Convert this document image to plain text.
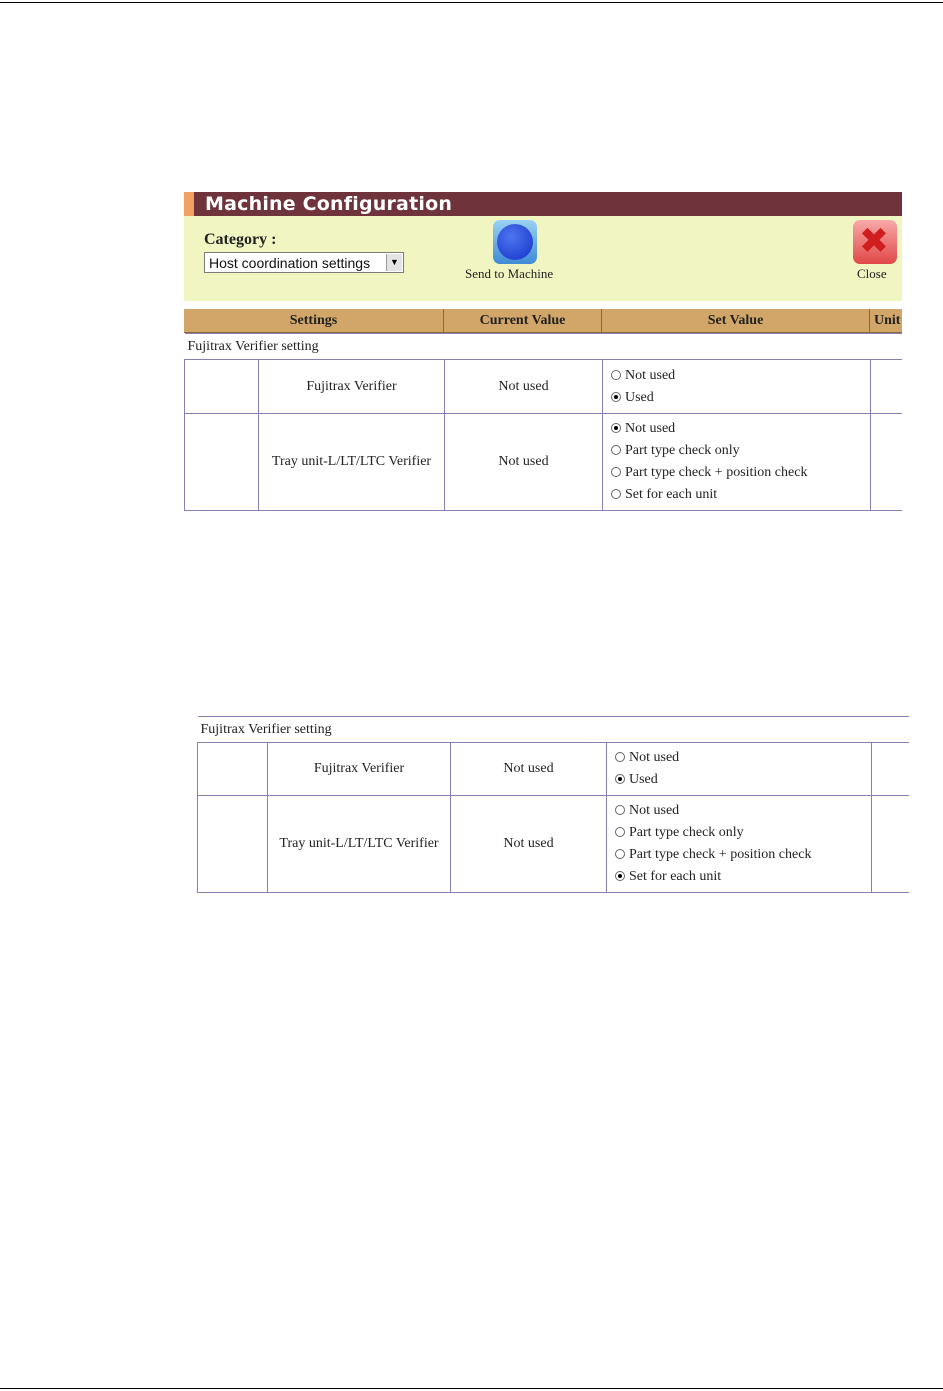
Machine Configuration
Category :
Host coordination settings	▼
Send to Machine
✖
Close
Settings	Current Value	Set Value	Unit
Fujitrax Verifier setting				
	Fujitrax Verifier	Not used	Not used
Used	

	Tray unit-L/LT/LTC Verifier	Not used	Not used
Part type check only
Part type check + position check
Set for each unit	

Fujitrax Verifier setting				
	Fujitrax Verifier	Not used	Not used
Used	

	Tray unit-L/LT/LTC Verifier	Not used	Not used
Part type check only
Part type check + position check
Set for each unit	
